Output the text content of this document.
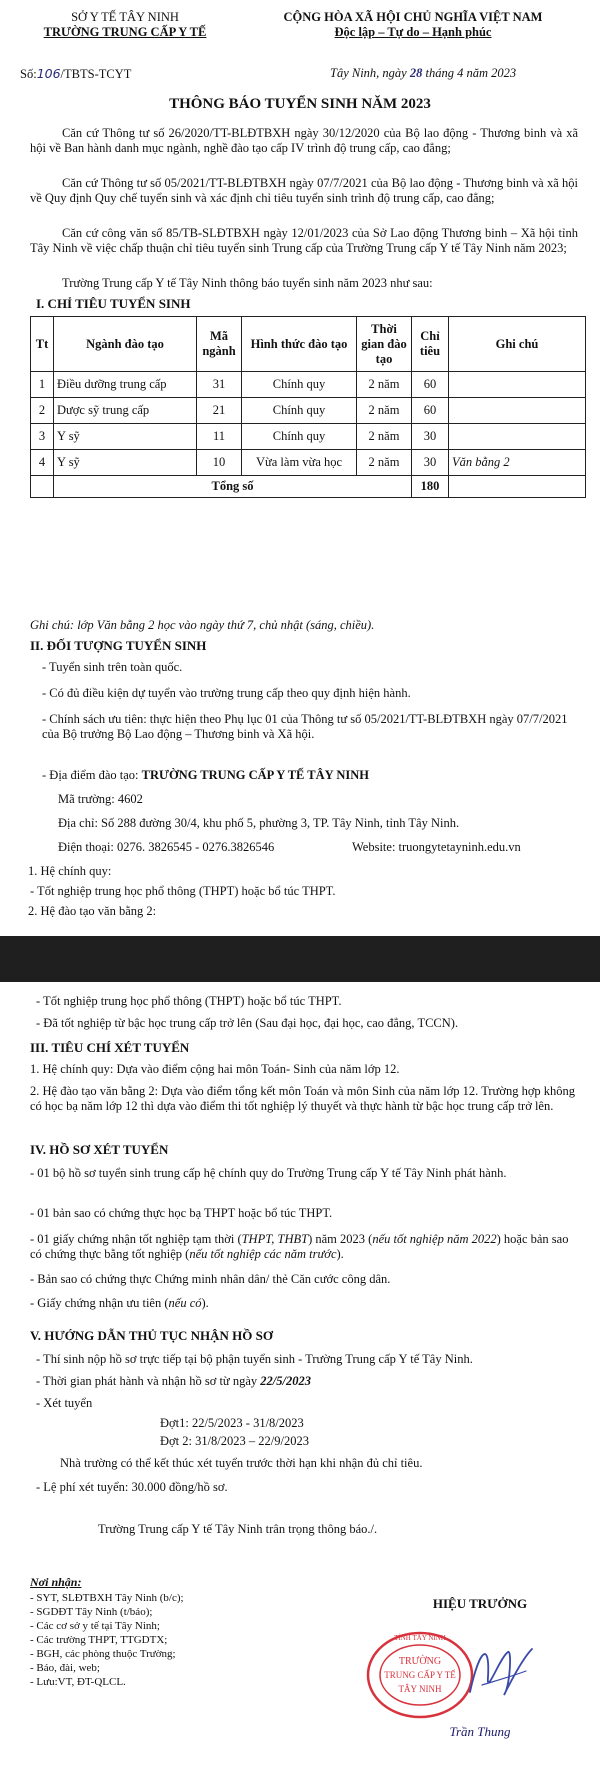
SỞ Y TẾ TÂY NINH
TRƯỜNG TRUNG CẤP Y TẾ
CỘNG HÒA XÃ HỘI CHỦ NGHĨA VIỆT NAM
Độc lập – Tự do – Hạnh phúc
Số:106/TBTS-TCYT	Tây Ninh, ngày 28 tháng 4 năm 2023
THÔNG BÁO TUYỂN SINH NĂM 2023
Căn cứ Thông tư số 26/2020/TT-BLĐTBXH ngày 30/12/2020 của Bộ lao động - Thương binh và xã hội về Ban hành danh mục ngành, nghề đào tạo cấp IV trình độ trung cấp, cao đẳng;
Căn cứ Thông tư số 05/2021/TT-BLĐTBXH ngày 07/7/2021 của Bộ lao động - Thương binh và xã hội về Quy định Quy chế tuyển sinh và xác định chỉ tiêu tuyển sinh trình độ trung cấp, cao đẳng;
Căn cứ công văn số 85/TB-SLĐTBXH ngày 12/01/2023 của Sở Lao động Thương binh – Xã hội tỉnh Tây Ninh về việc chấp thuận chỉ tiêu tuyển sinh Trung cấp của Trường Trung cấp Y tế Tây Ninh năm 2023;
Trường Trung cấp Y tế Tây Ninh thông báo tuyển sinh năm 2023 như sau:
I. CHỈ TIÊU TUYỂN SINH
Tt	Ngành đào tạo	Mã ngành	Hình thức đào tạo	Thời gian đào tạo	Chỉ tiêu	Ghi chú
1	Điều dưỡng trung cấp	31	Chính quy	2 năm	60	
2	Dược sỹ trung cấp	21	Chính quy	2 năm	60	
3	Y sỹ	11	Chính quy	2 năm	30	
4	Y sỹ	10	Vừa làm vừa học	2 năm	30	Văn bằng 2
	Tổng số				180	
Ghi chú: lớp Văn bằng 2 học vào ngày thứ 7, chủ nhật (sáng, chiều).
II. ĐỐI TƯỢNG TUYỂN SINH
- Tuyển sinh trên toàn quốc.
- Có đủ điều kiện dự tuyển vào trường trung cấp theo quy định hiện hành.
- Chính sách ưu tiên: thực hiện theo Phụ lục 01 của Thông tư số 05/2021/TT-BLĐTBXH ngày 07/7/2021 của Bộ trưởng Bộ Lao động – Thương binh và Xã hội.
- Địa điểm đào tạo: TRƯỜNG TRUNG CẤP Y TẾ TÂY NINH
Mã trường: 4602
Địa chỉ: Số 288 đường 30/4, khu phố 5, phường 3, TP. Tây Ninh, tỉnh Tây Ninh.
Điện thoại: 0276. 3826545 - 0276.3826546	Website: truongytetayninh.edu.vn
1. Hệ chính quy:
- Tốt nghiệp trung học phổ thông (THPT) hoặc bổ túc THPT.
2. Hệ đào tạo văn bằng 2:
- Tốt nghiệp trung học phổ thông (THPT) hoặc bổ túc THPT.
- Đã tốt nghiệp từ bậc học trung cấp trở lên (Sau đại học, đại học, cao đẳng, TCCN).
III. TIÊU CHÍ XÉT TUYỂN
1. Hệ chính quy: Dựa vào điểm cộng hai môn Toán- Sinh của năm lớp 12.
2. Hệ đào tạo văn bằng 2: Dựa vào điểm tổng kết môn Toán và môn Sinh của năm lớp 12. Trường hợp không có học bạ năm lớp 12 thì dựa vào điểm thi tốt nghiệp lý thuyết và thực hành từ bậc học trung cấp trở lên.
IV. HỒ SƠ XÉT TUYỂN
- 01 bộ hồ sơ tuyển sinh trung cấp hệ chính quy do Trường Trung cấp Y tế Tây Ninh phát hành.
- 01 bản sao có chứng thực học bạ THPT hoặc bổ túc THPT.
- 01 giấy chứng nhận tốt nghiệp tạm thời (THPT, THBT) năm 2023 (nếu tốt nghiệp năm 2022) hoặc bản sao có chứng thực bằng tốt nghiệp (nếu tốt nghiệp các năm trước).
- Bản sao có chứng thực Chứng minh nhân dân/ thẻ Căn cước công dân.
- Giấy chứng nhận ưu tiên (nếu có).
V. HƯỚNG DẪN THỦ TỤC NHẬN HỒ SƠ
- Thí sinh nộp hồ sơ trực tiếp tại bộ phận tuyển sinh - Trường Trung cấp Y tế Tây Ninh.
- Thời gian phát hành và nhận hồ sơ từ ngày 22/5/2023
- Xét tuyển
Đợt1: 22/5/2023 - 31/8/2023
Đợt 2: 31/8/2023 – 22/9/2023
Nhà trường có thể kết thúc xét tuyển trước thời hạn khi nhận đủ chỉ tiêu.
- Lệ phí xét tuyển: 30.000 đồng/hồ sơ.
Trường Trung cấp Y tế Tây Ninh trân trọng thông báo./.
Nơi nhận:
- SYT, SLĐTBXH Tây Ninh (b/c);
- SGDĐT Tây Ninh (t/báo);
- Các cơ sở y tế tại Tây Ninh;
- Các trường THPT, TTGDTX;
- BGH, các phòng thuộc Trường;
- Báo, đài, web;
- Lưu:VT, ĐT-QLCL.
HIỆU TRƯỞNG
TỈNH TÂY NINH
TRƯỜNG
TRUNG CẤP Y TẾ
TÂY NINH
Trần Thung
